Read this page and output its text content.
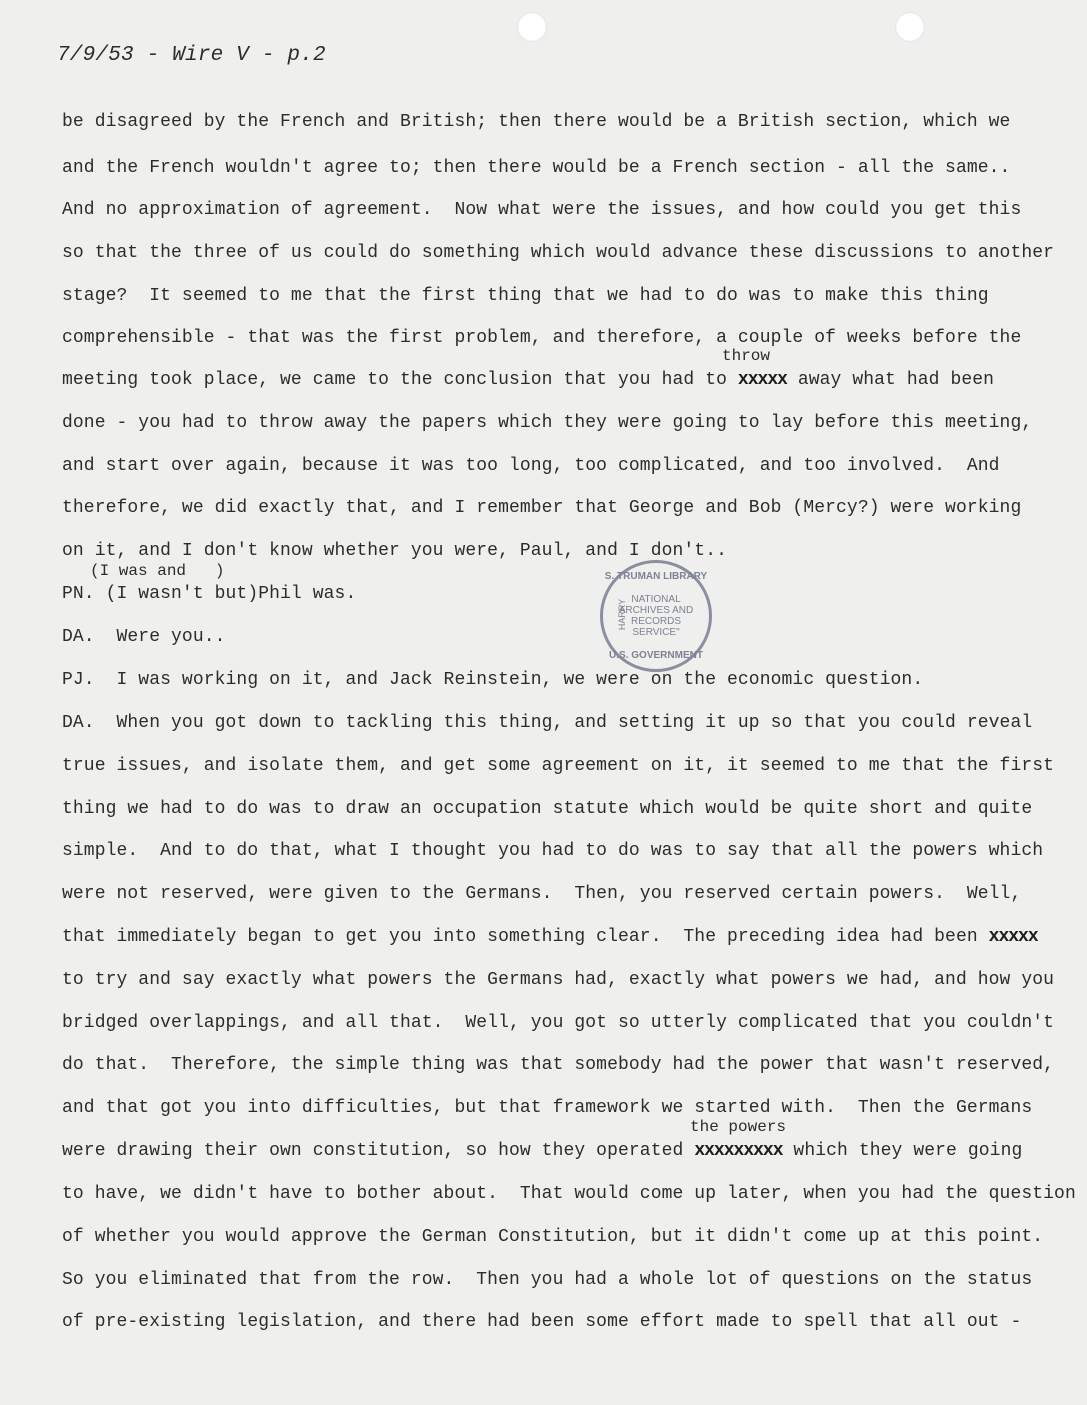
7/9/53 - Wire V - p.2
be disagreed by the French and British; then there would be a British section, which we
and the French wouldn't agree to; then there would be a French section - all the same..
And no approximation of agreement.  Now what were the issues, and how could you get this
so that the three of us could do something which would advance these discussions to another
stage?  It seemed to me that the first thing that we had to do was to make this thing
comprehensible - that was the first problem, and therefore, a couple of weeks before the
throw
meeting took place, we came to the conclusion that you had to xxxxx away what had been
done - you had to throw away the papers which they were going to lay before this meeting,
and start over again, because it was too long, too complicated, and too involved.  And
therefore, we did exactly that, and I remember that George and Bob (Mercy?) were working
on it, and I don't know whether you were, Paul, and I don't..
(I was and   )
PN. (I wasn't but)Phil was.
DA.  Were you..
PJ.  I was working on it, and Jack Reinstein, we were on the economic question.
DA.  When you got down to tackling this thing, and setting it up so that you could reveal
true issues, and isolate them, and get some agreement on it, it seemed to me that the first
thing we had to do was to draw an occupation statute which would be quite short and quite
simple.  And to do that, what I thought you had to do was to say that all the powers which
were not reserved, were given to the Germans.  Then, you reserved certain powers.  Well,
that immediately began to get you into something clear.  The preceding idea had been xxxxx
to try and say exactly what powers the Germans had, exactly what powers we had, and how you
bridged overlappings, and all that.  Well, you got so utterly complicated that you couldn't
do that.  Therefore, the simple thing was that somebody had the power that wasn't reserved,
and that got you into difficulties, but that framework we started with.  Then the Germans
the powers
were drawing their own constitution, so how they operated xxxxxxxxx which they were going
to have, we didn't have to bother about.  That would come up later, when you had the question
of whether you would approve the German Constitution, but it didn't come up at this point.
So you eliminated that from the row.  Then you had a whole lot of questions on the status
of pre-existing legislation, and there had been some effort made to spell that all out -
S. TRUMAN LIBRARY
HARRY NATIONAL
ARCHIVES AND
RECORDS
SERVICE"
U.S. GOVERNMENT
